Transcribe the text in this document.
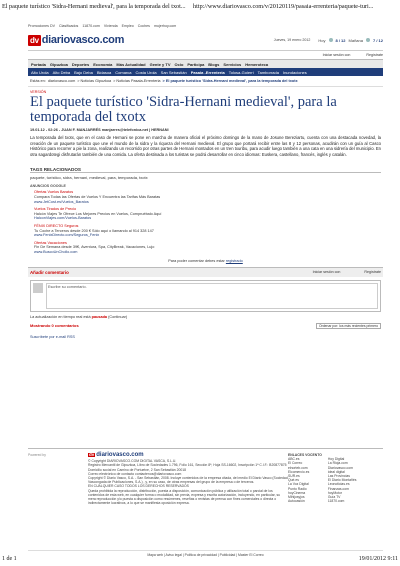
El paquete turístico 'Sidra-Hernani medieval', para la temporada del txot... http://www.diariovasco.com/v/20120119/pasaia-errenteria/paquete-turi...
Promociones DV Clasificados 11870.com Vivienda Empleo Coches mujerhoy.com
dv diariovasco.com	Jueves, 19 enero 2012 Hoy	8 / 12 Mañana	7 / 12
Iniciar sesión con	Regístrate
Portada Gipuzkoa Deportes Economía Más Actualidad Gente y TV Ocio Participa Blogs Servicios Hemeroteca
Alto Urola Alto Deba Bajo Deba Bidasoa Comarca Costa Urola San Sebastián Pasaia -Errenteria Tolosa-Goierri Tamborrada Inundaciones
Estás en: diariovasco.com > Noticias Gipuzkoa > Noticias Pasaia-Errenteria > El paquete turístico 'Sidra-Hernani medieval', para la temporada del txotx
VERSIÓN
El paquete turístico 'Sidra-Hernani medieval', para la temporada del txotx
19.01.12 - 02:26 - JUAN F. MANJARRÉS manjarres@telefonica.net | HERNANI
La temporada del txotx, que en el caso de Hernani se pone en marcha de manera oficial el próximo domingo de la mano de Josune Bereziartu, cuenta con una destacada novedad, la creación de un paquete turístico que une el mundo de la sidra y la riqueza del Hernani medieval. El grupo que portará recibir entre las 8 y 12 personas, acudirán con un guía al Casco Histórico para recorrer a pie la zona, realizando un recorrido por otras partes de Hernani montados en un tren txuribu, para acudir luego también a una cata en una sidrería del municipio. En otra sagardotegi disfrutarán también de una comida. La oferta destinada a los turistas se podrá desarrollar en cinco idiomas: Euskera, castellano, francés, inglés y catalán.
TAGS RELACIONADOS
paquete, turístico, sidra, hernani, medieval, para, temporada, txotx
ANUNCIOS GOOGLE
Ofertas Vuelos Baratos
Compara Todas las Ofertas de Vuelos Y Encuentra las Tarifas Más Baratas
www.JetCost.es/Vuelos_Baratos
Vuelos Tirados de Precio
Halcón Viajes Te Ofrece Los Mejores Precios en Vuelos, Compruébalo Aquí
HalconViajes.com/Vuelos-Baratos
FÉNIX DIRECTO Seguros
Tu Coche a Terceros desde 200 € Sólo aquí o llamando al 914 328 147
www.FenixDirecto.com/Seguros_Fenix
Ofertas Vacaciones
Fin De Semana desde 39€, Aventura, Spa, CityBreak, Vacaciones, Lujo
www.BuscoUnChollo.com
Para poder comentar debes estar registrado
Añadir comentario	Iniciar sesión con	Regístrate
Escribe su comentario.
La actualización en tiempo real está pausada (Continuar)
Mostrando 0 comentarios	Ordenar por: los más recientes primero
Suscríbete por e-mail RSS
Powered by	dv diariovasco.com
© Copyright DIARIOVASCO.COM DIGITAL VASCA, S.L.U.
Registro Mercantil de Gipuzkoa, Libro de Sociedades 1.796, Folio 161, Sección 8ª, Hoja SS-16602, Inscripción 1ª C.I.F.: B20877875
Domicilio social en Camino de Portuetxe, 2 San Sebastián 20018
Correo electrónico de contacto contactenos@diariovasco.com
Copyright © Diario Vasco, S.A. - San Sebastián, 2008. Incluye contenidos de la empresa citada, del medio El Diario Vasco (Sociedad Vascongada de Publicaciones, S.A.) , y, en su caso, de otras empresas del grupo de la empresa o de terceros.
EN CUALQUIER CASO TODOS LOS DERECHOS RESERVADOS
Queda prohibida la reproducción, distribución, puesta a disposición, comunicación pública y utilización total o parcial de los contenidos de esta web, en cualquier forma o modalidad, sin previa, expresa y escrita autorización, incluyendo, en particular, su mera reproducción y/o puesta a disposición como resúmenes, reseñas o revistas de prensa con fines comerciales o directa o indirectamente lucrativos, a lo que se manifiesta oposición expresa.
ENLACES VOCENTO
ABC.es
El Correo
elnorteb.com
Elcomercio.es
SUR.es
Qué.es
La Voz Digital
Punto Radio
hoyCinema
Mihijosyjos
Autocasión

Hoy Digital
La Rioja.com
Diariovasco.com
ideal digital
Las Provincias
El Diario Montañés
Leonoticias.es
Finanzas.com
hoyMotor
Guía TV
11870.com
Mapa web | Aviso legal | Política de privacidad | Publicidad | Master El Correo
1 de 1	19/01/2012 9:11
